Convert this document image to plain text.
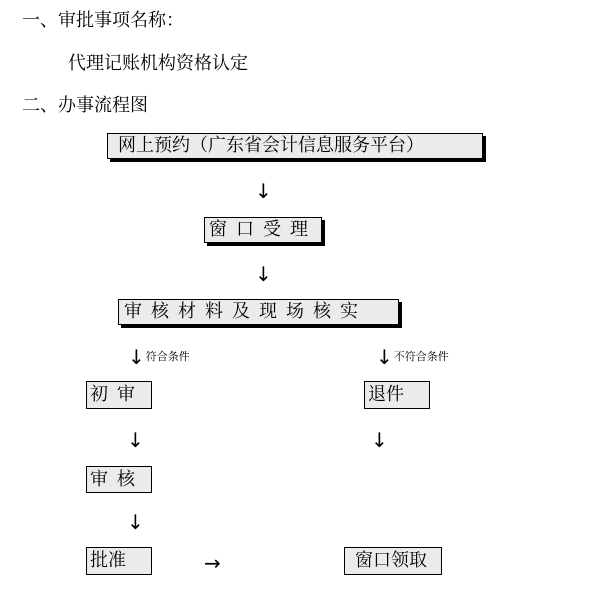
一、审批事项名称：
代理记账机构资格认定
二、办事流程图
网上预约（广东省会计信息服务平台）
↓
窗口受理
↓
审核材料及现场核实
↓ 符合条件	↓ 不符合条件
初审
↓
审核
↓
批准
退件
↓
→	窗口领取
